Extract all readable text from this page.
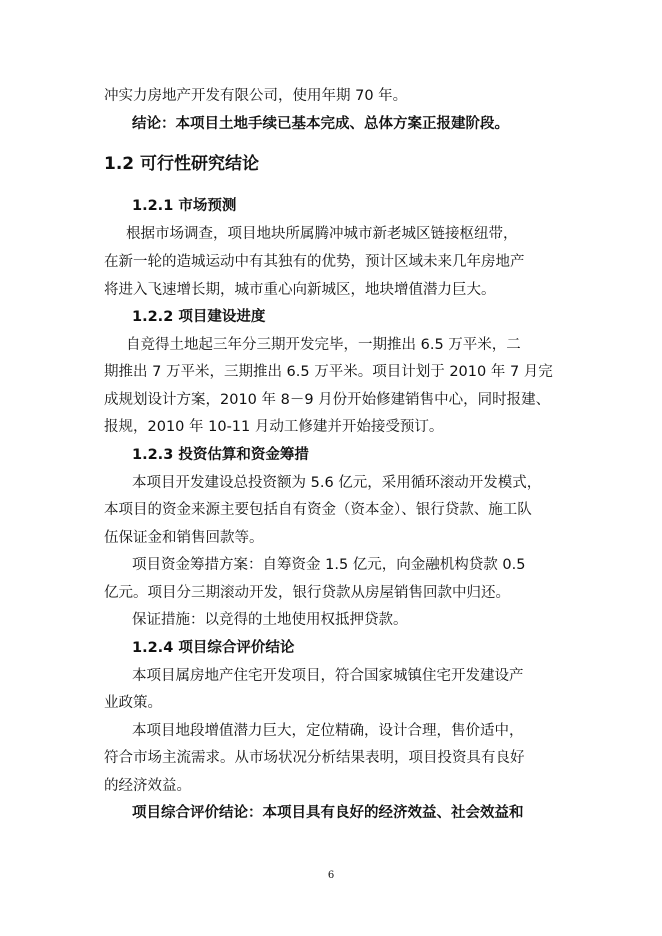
冲实力房地产开发有限公司，使用年期 70 年。
结论：本项目土地手续已基本完成、总体方案正报建阶段。
1.2 可行性研究结论
1.2.1 市场预测
根据市场调查，项目地块所属腾冲城市新老城区链接枢纽带，
在新一轮的造城运动中有其独有的优势，预计区域未来几年房地产
将进入飞速增长期，城市重心向新城区，地块增值潜力巨大。
1.2.2 项目建设进度
自竞得土地起三年分三期开发完毕，一期推出 6.5 万平米，二
期推出 7 万平米，三期推出 6.5 万平米。项目计划于 2010 年 7 月完
成规划设计方案，2010 年 8－9 月份开始修建销售中心，同时报建、
报规，2010 年 10-11 月动工修建并开始接受预订。
1.2.3 投资估算和资金筹措
本项目开发建设总投资额为 5.6 亿元，采用循环滚动开发模式，
本项目的资金来源主要包括自有资金（资本金）、银行贷款、施工队
伍保证金和销售回款等。
项目资金筹措方案：自筹资金 1.5 亿元，向金融机构贷款 0.5
亿元。项目分三期滚动开发，银行贷款从房屋销售回款中归还。
保证措施：以竞得的土地使用权抵押贷款。
1.2.4 项目综合评价结论
本项目属房地产住宅开发项目，符合国家城镇住宅开发建设产
业政策。
本项目地段增值潜力巨大，定位精确，设计合理，售价适中，
符合市场主流需求。从市场状况分析结果表明，项目投资具有良好
的经济效益。
项目综合评价结论：本项目具有良好的经济效益、社会效益和
6
